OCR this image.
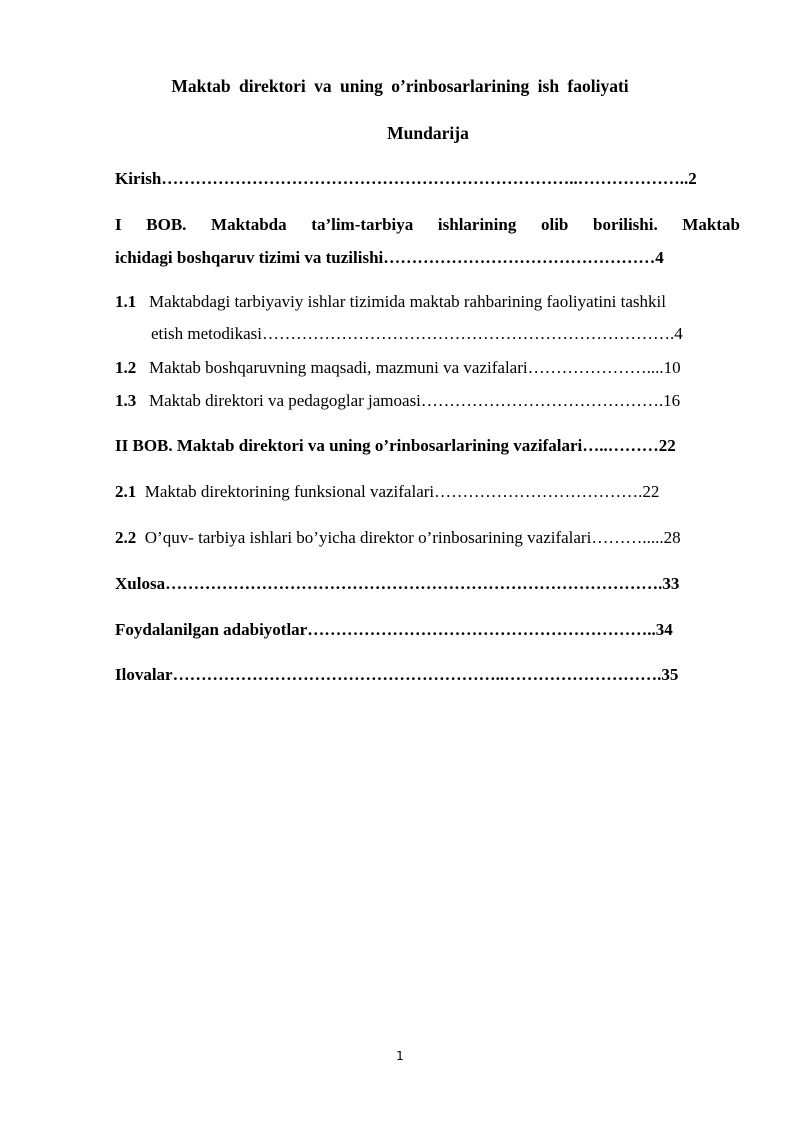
Maktab direktori va uning o’rinbosarlarining ish faoliyati
Mundarija
Kirish………………………………………………………………..………………..2
I BOB. Maktabda ta’lim-tarbiya ishlarining olib borilishi. Maktab
ichidagi boshqaruv tizimi va tuzilishi…………………………………………4
1.1 Maktabdagi tarbiyaviy ishlar tizimida maktab rahbarining faoliyatini tashkil
etish metodikasi……………………………………………………………….4
1.2 Maktab boshqaruvning maqsadi, mazmuni va vazifalari…………………....10
1.3 Maktab direktori va pedagoglar jamoasi…………………………………….16
II BOB. Maktab direktori va uning o’rinbosarlarining vazifalari…..………22
2.1 Maktab direktorining funksional vazifalari……………………………….22
2.2 O’quv- tarbiya ishlari bo’yicha direktor o’rinbosarining vazifalari……….....28
Xulosa…………………………………………………………………………….33
Foydalanilgan adabiyotlar……………………………………………………..34
Ilovalar…………………………………………………..……………………….35
1
